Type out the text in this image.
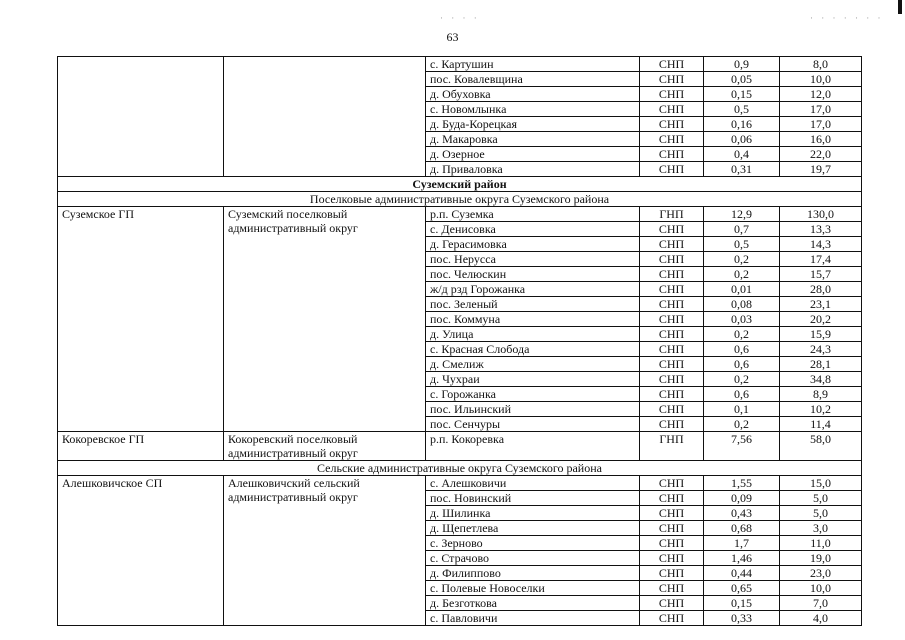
· · · ·	· · · · · · ·
63
		с. Картушин	СНП	0,9	8,0
		пос. Ковалевщина	СНП	0,05	10,0
		д. Обуховка	СНП	0,15	12,0
		с. Новомлынка	СНП	0,5	17,0
		д. Буда-Корецкая	СНП	0,16	17,0
		д. Макаровка	СНП	0,06	16,0
		д. Озерное	СНП	0,4	22,0
		д. Приваловка	СНП	0,31	19,7
Суземский район					
Поселковые административные округа Суземского района					
Суземское ГП	Суземский поселковый административный округ	р.п. Суземка	ГНП	12,9	130,0
		с. Денисовка	СНП	0,7	13,3
		д. Герасимовка	СНП	0,5	14,3
		пос. Нерусса	СНП	0,2	17,4
		пос. Челюскин	СНП	0,2	15,7
		ж/д рзд Горожанка	СНП	0,01	28,0
		пос. Зеленый	СНП	0,08	23,1
		пос. Коммуна	СНП	0,03	20,2
		д. Улица	СНП	0,2	15,9
		с. Красная Слобода	СНП	0,6	24,3
		д. Смелиж	СНП	0,6	28,1
		д. Чухраи	СНП	0,2	34,8
		с. Горожанка	СНП	0,6	8,9
		пос. Ильинский	СНП	0,1	10,2
		пос. Сенчуры	СНП	0,2	11,4
Кокоревское ГП	Кокоревский поселковый административный округ	р.п. Кокоревка	ГНП	7,56	58,0
Сельские административные округа Суземского района					
Алешковичское СП	Алешковичский сельский административный округ	с. Алешковичи	СНП	1,55	15,0
		пос. Новинский	СНП	0,09	5,0
		д. Шилинка	СНП	0,43	5,0
		д. Щепетлева	СНП	0,68	3,0
		с. Зерново	СНП	1,7	11,0
		с. Страчово	СНП	1,46	19,0
		д. Филиппово	СНП	0,44	23,0
		с. Полевые Новоселки	СНП	0,65	10,0
		д. Безготкова	СНП	0,15	7,0
		с. Павловичи	СНП	0,33	4,0
